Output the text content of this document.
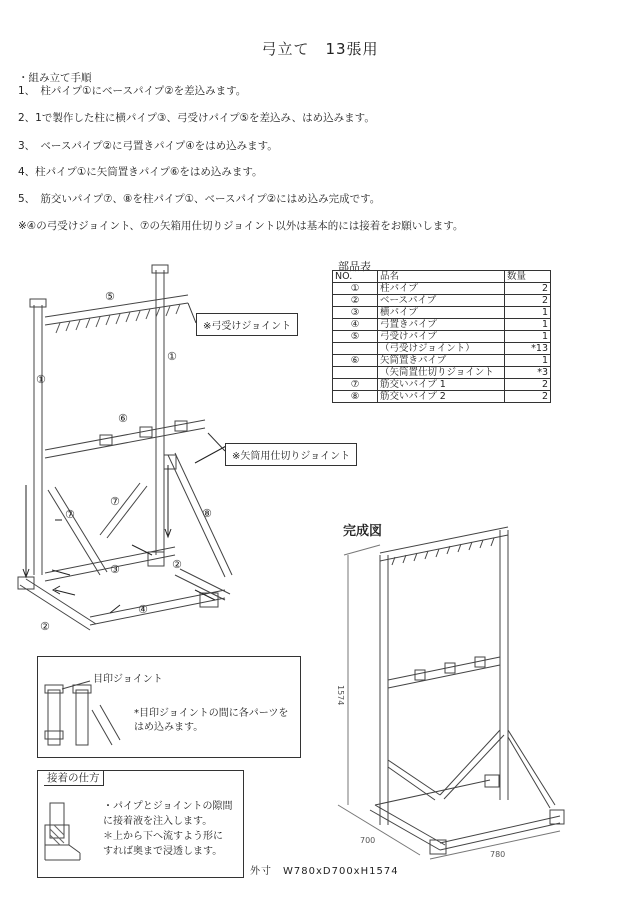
弓立て　13張用
・組み立て手順
1、　柱パイプ①にベースパイプ②を差込みます。
2、1で製作した柱に横パイプ③、弓受けパイプ⑤を差込み、はめ込みます。
3、　ベースパイプ②に弓置きパイプ④をはめ込みます。
4、柱パイプ①に矢筒置きパイプ⑥をはめ込みます。
5、　筋交いパイプ⑦、⑧を柱パイプ①、ベースパイプ②にはめ込み完成です。
※④の弓受けジョイント、⑦の矢箱用仕切りジョイント以外は基本的には接着をお願いします。
部品表
NO.	品名	数量
①	柱パイプ	2
②	ベースパイプ	2
③	横パイプ	1
④	弓置きパイプ	1
⑤	弓受けパイプ	1
	（弓受けジョイント）	*13
⑥	矢筒置きパイプ	1
	（矢筒置仕切りジョイント	*3
⑦	筋交いパイプ 1	2
⑧	筋交いパイプ 2	2
⑤
①
①
⑥
⑦
⑦	⑧
③	②
②
④
※弓受けジョイント
※矢筒用仕切りジョイント
完成図
1574
700
780
目印ジョイント
*目印ジョイントの間に各パーツを
はめ込みます。
接着の仕方
・パイプとジョイントの隙間
に接着液を注入します。
＊上から下へ流すよう形に
すれば奥まで浸透します。
外寸　W780xD700xH1574
